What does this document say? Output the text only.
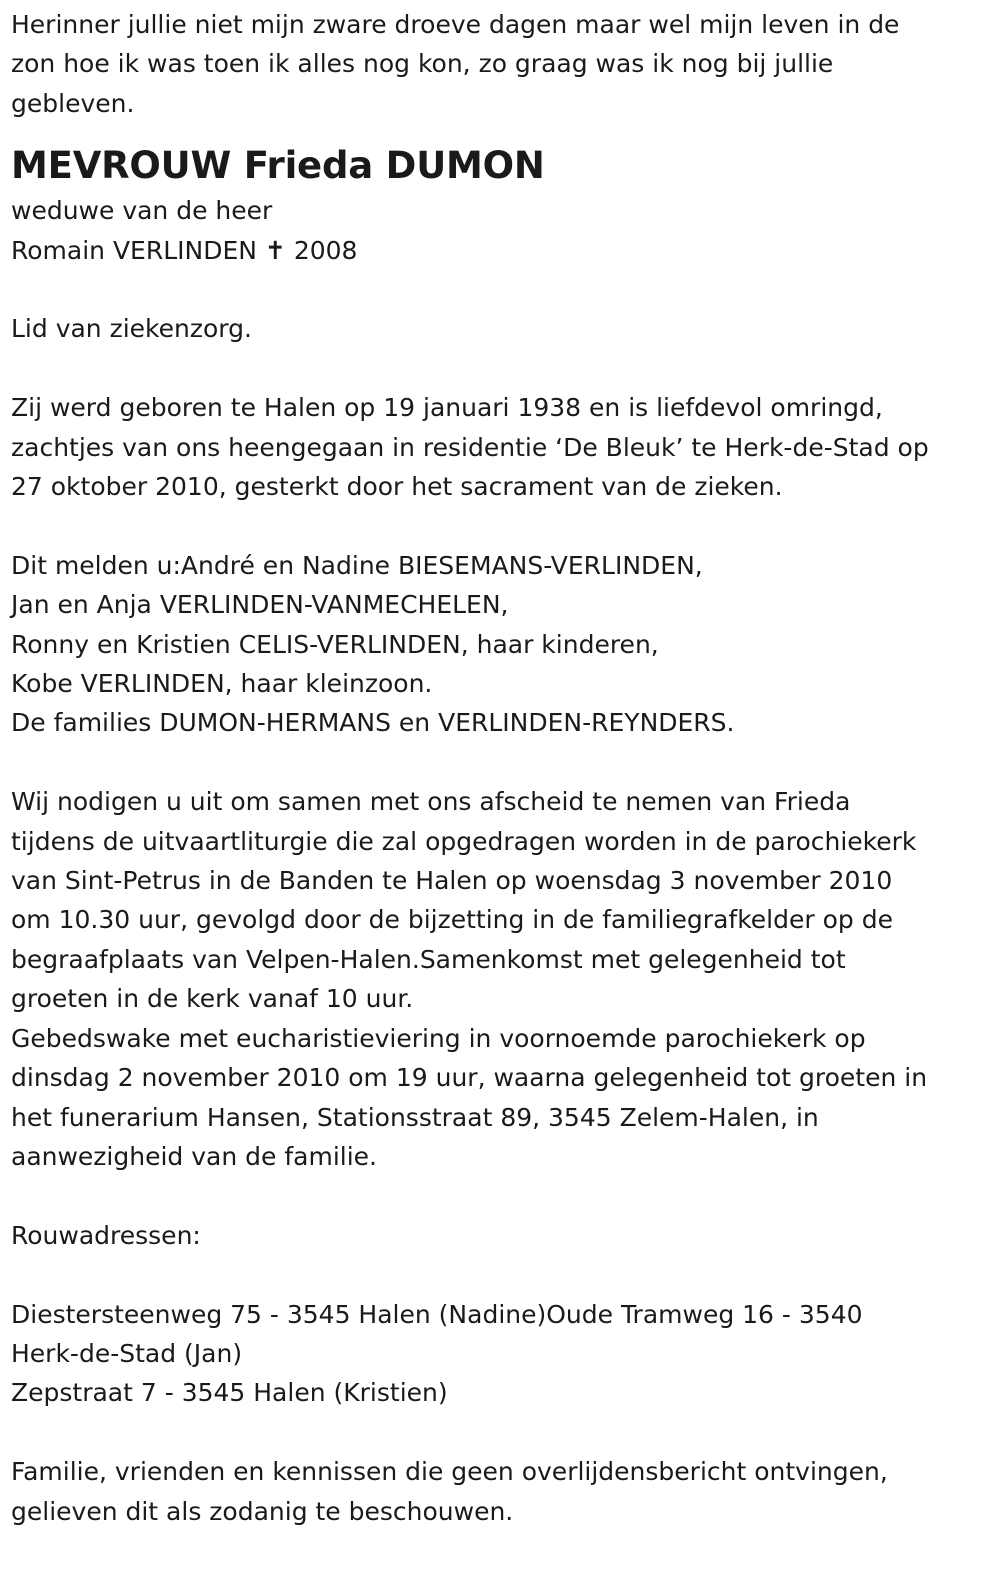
Herinner jullie niet mijn zware droeve dagen maar wel mijn leven in de
zon hoe ik was toen ik alles nog kon, zo graag was ik nog bij jullie
gebleven.

MEVROUW Frieda DUMON

weduwe van de heer
Romain VERLINDEN ✝ 2008

Lid van ziekenzorg.

Zij werd geboren te Halen op 19 januari 1938 en is liefdevol omringd,
zachtjes van ons heengegaan in residentie ‘De Bleuk’ te Herk-de-Stad op
27 oktober 2010, gesterkt door het sacrament van de zieken.

Dit melden u:André en Nadine BIESEMANS-VERLINDEN,
Jan en Anja VERLINDEN-VANMECHELEN,
Ronny en Kristien CELIS-VERLINDEN, haar kinderen,
Kobe VERLINDEN, haar kleinzoon.
De families DUMON-HERMANS en VERLINDEN-REYNDERS.

Wij nodigen u uit om samen met ons afscheid te nemen van Frieda
tijdens de uitvaartliturgie die zal opgedragen worden in de parochiekerk
van Sint-Petrus in de Banden te Halen op woensdag 3 november 2010
om 10.30 uur, gevolgd door de bijzetting in de familiegrafkelder op de
begraafplaats van Velpen-Halen.Samenkomst met gelegenheid tot
groeten in de kerk vanaf 10 uur.
Gebedswake met eucharistieviering in voornoemde parochiekerk op
dinsdag 2 november 2010 om 19 uur, waarna gelegenheid tot groeten in
het funerarium Hansen, Stationsstraat 89, 3545 Zelem-Halen, in
aanwezigheid van de familie.

Rouwadressen:

Diestersteenweg 75 - 3545 Halen (Nadine)Oude Tramweg 16 - 3540
Herk-de-Stad (Jan)
Zepstraat 7 - 3545 Halen (Kristien)

Familie, vrienden en kennissen die geen overlijdensbericht ontvingen,
gelieven dit als zodanig te beschouwen.
